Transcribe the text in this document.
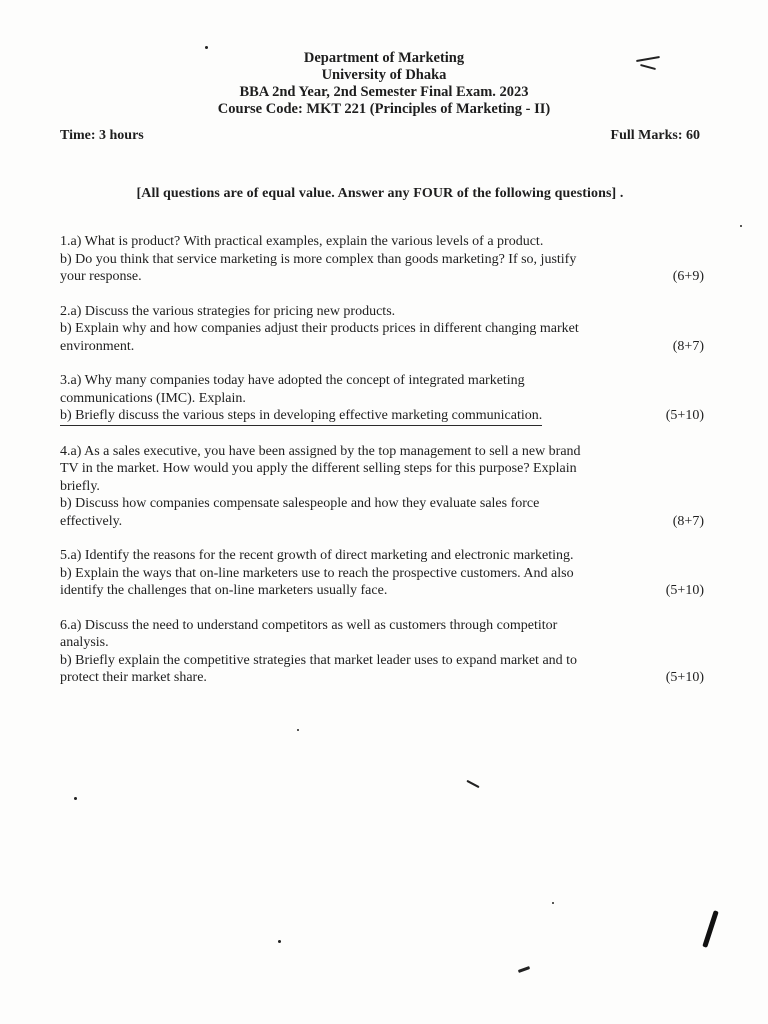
Department of Marketing
University of Dhaka
BBA 2nd Year, 2nd Semester Final Exam. 2023
Course Code: MKT 221 (Principles of Marketing - II)
Time: 3 hours	Full Marks: 60
[All questions are of equal value. Answer any FOUR of the following questions] .
1.a) What is product? With practical examples, explain the various levels of a product.
b) Do you think that service marketing is more complex than goods marketing? If so, justify
your response.	(6+9)
2.a) Discuss the various strategies for pricing new products.
b) Explain why and how companies adjust their products prices in different changing market
environment.	(8+7)
3.a) Why many companies today have adopted the concept of integrated marketing
communications (IMC). Explain.
b) Briefly discuss the various steps in developing effective marketing communication.	(5+10)
4.a) As a sales executive, you have been assigned by the top management to sell a new brand
TV in the market. How would you apply the different selling steps for this purpose? Explain
briefly.
b) Discuss how companies compensate salespeople and how they evaluate sales force
effectively.	(8+7)
5.a) Identify the reasons for the recent growth of direct marketing and electronic marketing.
b) Explain the ways that on-line marketers use to reach the prospective customers. And also
identify the challenges that on-line marketers usually face.	(5+10)
6.a) Discuss the need to understand competitors as well as customers through competitor
analysis.
b) Briefly explain the competitive strategies that market leader uses to expand market and to
protect their market share.	(5+10)
